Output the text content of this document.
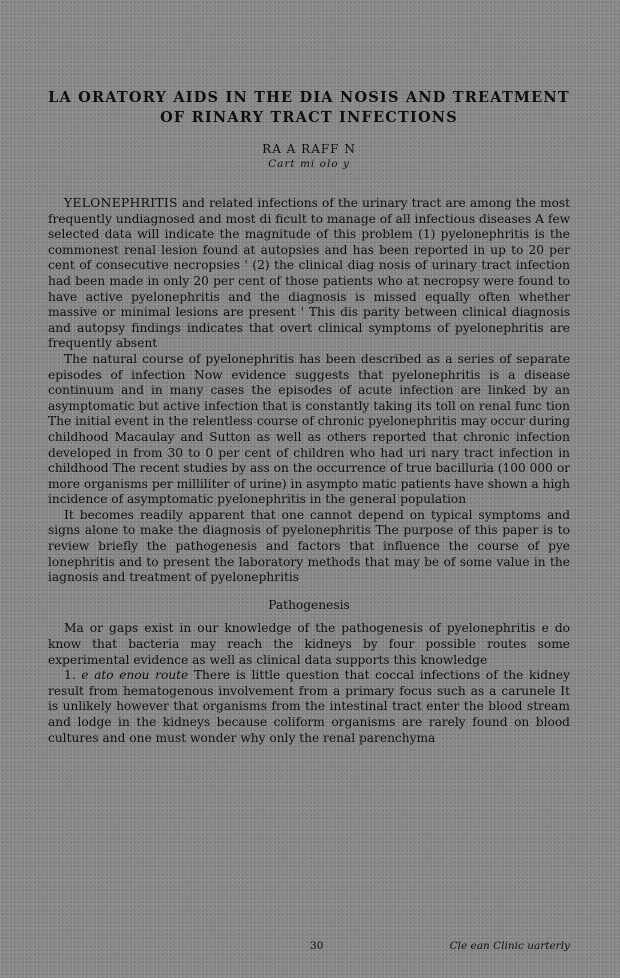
LA ORATORY AIDS IN THE DIA NOSIS AND TREATMENT
OF RINARY TRACT INFECTIONS
RA A RAFF N
Cart mi olo y

YELONEPHRITIS and related infections of the urinary tract are among the most frequently undiagnosed and most di ficult to manage of all infectious diseases A few selected data will indicate the magnitude of this problem (1) pyelonephritis is the commonest renal lesion found at autopsies and has been reported in up to 20 per cent of consecutive necropsies ' (2) the clinical diag nosis of urinary tract infection had been made in only 20 per cent of those patients who at necropsy were found to have active pyelonephritis and the diagnosis is missed equally often whether massive or minimal lesions are present ' This dis parity between clinical diagnosis and autopsy findings indicates that overt clinical symptoms of pyelonephritis are frequently absent

The natural course of pyelonephritis has been described as a series of separate episodes of infection Now evidence suggests that pyelonephritis is a disease continuum and in many cases the episodes of acute infection are linked by an asymptomatic but active infection that is constantly taking its toll on renal func tion The initial event in the relentless course of chronic pyelonephritis may occur during childhood Macaulay and Sutton as well as others reported that chronic infection developed in from 30 to 0 per cent of children who had uri nary tract infection in childhood The recent studies by ass on the occurrence of true bacilluria (100 000 or more organisms per milliliter of urine) in asympto matic patients have shown a high incidence of asymptomatic pyelonephritis in the general population

It becomes readily apparent that one cannot depend on typical symptoms and signs alone to make the diagnosis of pyelonephritis The purpose of this paper is to review briefly the pathogenesis and factors that influence the course of pye lonephritis and to present the laboratory methods that may be of some value in the iagnosis and treatment of pyelonephritis

Pathogenesis

Ma or gaps exist in our knowledge of the pathogenesis of pyelonephritis e do know that bacteria may reach the kidneys by four possible routes some experimental evidence as well as clinical data supports this knowledge

1. e ato enou route There is little question that coccal infections of the kidney result from hematogenous involvement from a primary focus such as a carunele It is unlikely however that organisms from the intestinal tract enter the blood stream and lodge in the kidneys because coliform organisms are rarely found on blood cultures and one must wonder why only the renal parenchyma

30	Cle ean Clinic uarterly
